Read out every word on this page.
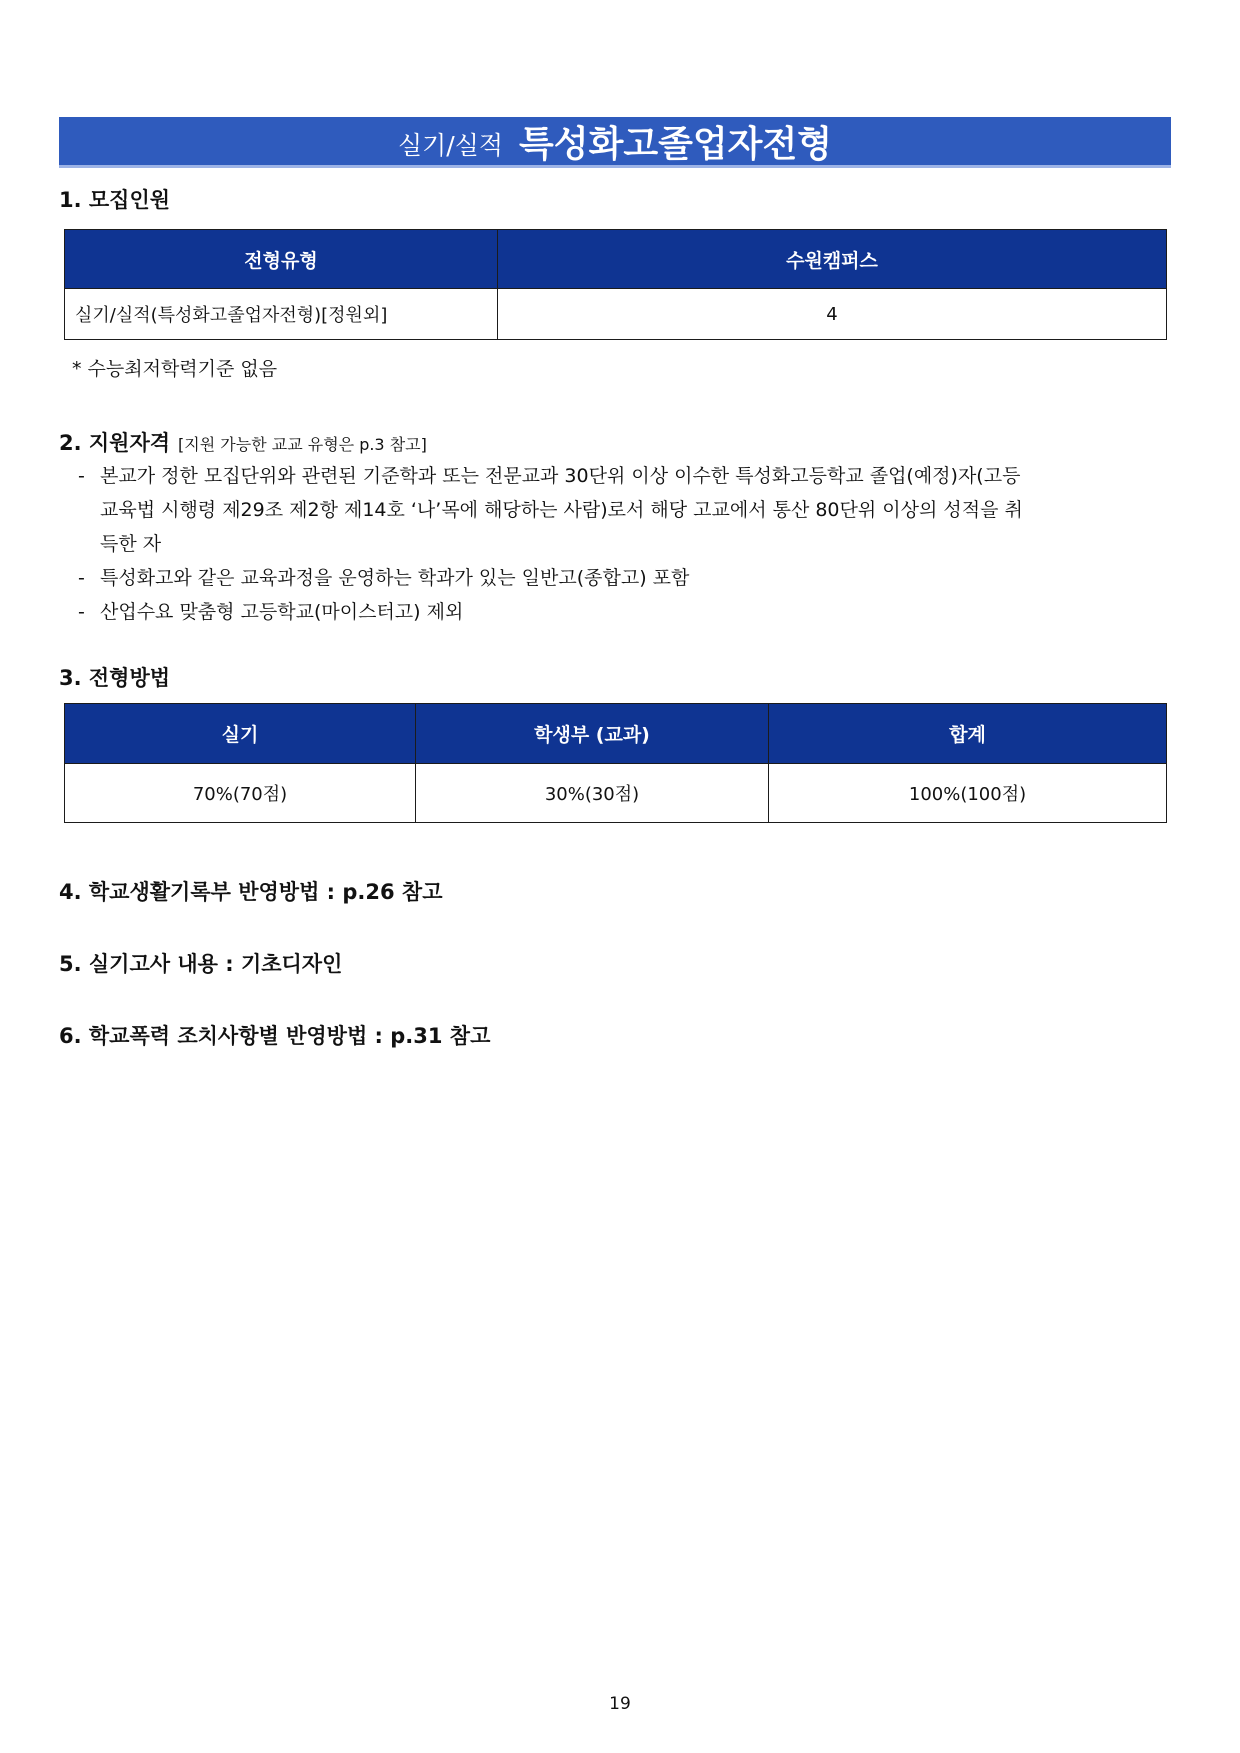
실기/실적 특성화고졸업자전형
1. 모집인원
전형유형	수원캠퍼스
실기/실적(특성화고졸업자전형)[정원외]	4
* 수능최저학력기준 없음
2. 지원자격 [지원 가능한 교교 유형은 p.3 참고]
- 본교가 정한 모집단위와 관련된 기준학과 또는 전문교과 30단위 이상 이수한 특성화고등학교 졸업(예정)자(고등
교육법 시행령 제29조 제2항 제14호 ‘나’목에 해당하는 사람)로서 해당 고교에서 통산 80단위 이상의 성적을 취
득한 자
- 특성화고와 같은 교육과정을 운영하는 학과가 있는 일반고(종합고) 포함
- 산업수요 맞춤형 고등학교(마이스터고) 제외
3. 전형방법
실기	학생부 (교과)	합계
70%(70점)	30%(30점)	100%(100점)
4. 학교생활기록부 반영방법 : p.26 참고
5. 실기고사 내용 : 기초디자인
6. 학교폭력 조치사항별 반영방법 : p.31 참고
19
